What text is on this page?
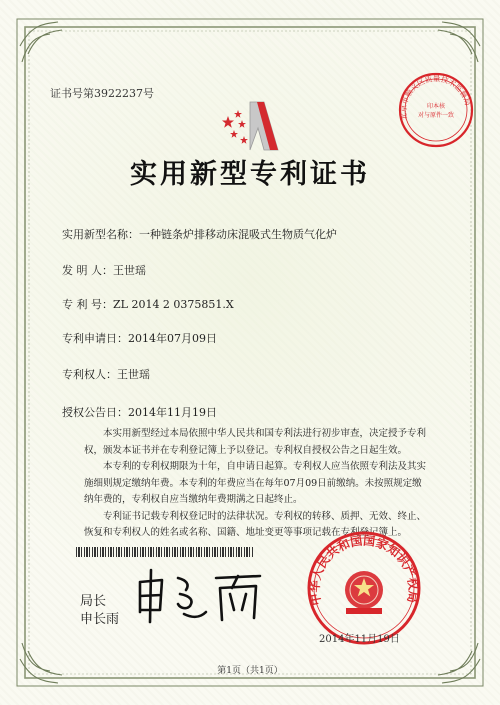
北京市顺义区质量技术监督局
印本核
对与原件一致
证书号第3922237号
实用新型专利证书
实用新型名称：一种链条炉排移动床混吸式生物质气化炉
发 明 人：王世瑶
专 利 号：ZL 2014 2 0375851.X
专利申请日：2014年07月09日
专利权人：王世瑶
授权公告日：2014年11月19日

本实用新型经过本局依照中华人民共和国专利法进行初步审查，决定授予专利权，颁发本证书并在专利登记簿上予以登记。专利权自授权公告之日起生效。

本专利的专利权期限为十年，自申请日起算。专利权人应当依照专利法及其实施细则规定缴纳年费。本专利的年费应当在每年07月09日前缴纳。未按照规定缴纳年费的，专利权自应当缴纳年费期满之日起终止。

专利证书记载专利权登记时的法律状况。专利权的转移、质押、无效、终止、恢复和专利权人的姓名或名称、国籍、地址变更等事项记载在专利登记簿上。

局长
申长雨
中华人民共和国国家知识产权局
2014年11月19日
第1页（共1页）
